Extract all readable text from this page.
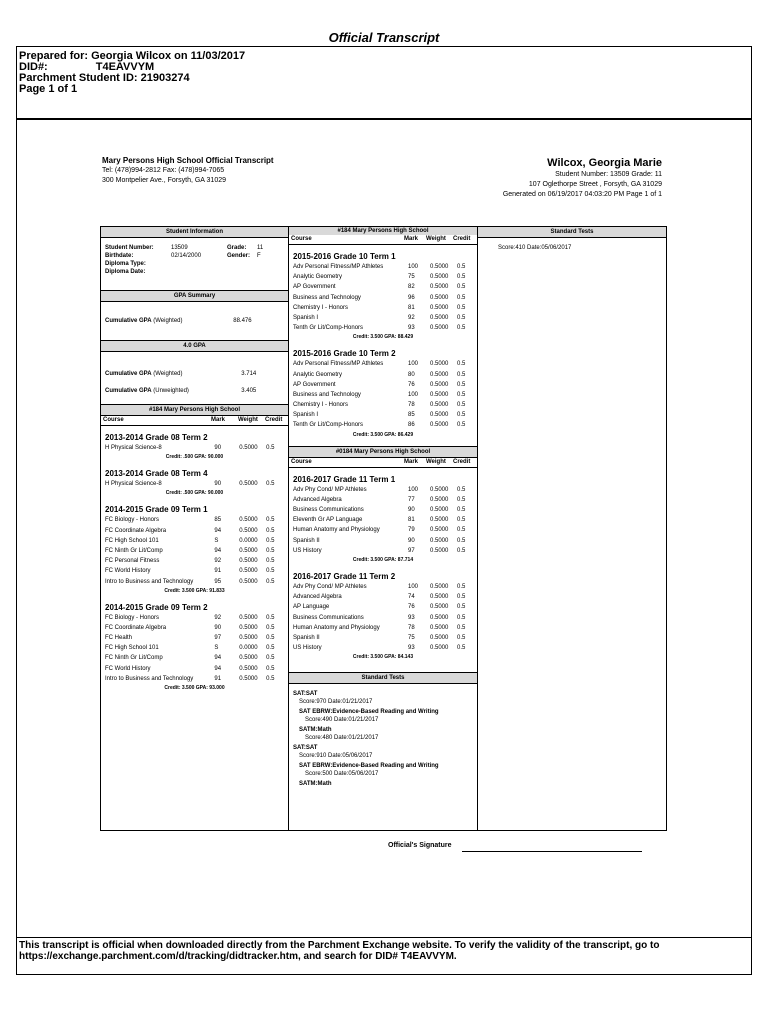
Official Transcript
Prepared for: Georgia Wilcox on 11/03/2017
DID#:	T4EAVVYM
Parchment Student ID: 21903274
Page 1 of 1
Mary Persons High School Official Transcript
Tel: (478)994-2812 Fax: (478)994-7065
300 Montpelier Ave., Forsyth, GA 31029
Wilcox, Georgia Marie
Student Number: 13509 Grade: 11
107 Oglethorpe Street , Forsyth, GA 31029
Generated on 06/19/2017 04:03:20 PM Page 1 of 1
Student Information
Student Number:	13509	Grade:	11
Birthdate:	02/14/2000	Gender:	F
Diploma Type:
Diploma Date:
GPA Summary
Cumulative GPA
(Weighted)	88.476
4.0 GPA
Cumulative GPA
(Weighted)	3.714
Cumulative GPA
(Unweighted)	3.405
#184 Mary Persons High School
Course	Mark	Weight	Credit
2013-2014 Grade 08 Term 2
H Physical Science-8	90	0.5000	0.5
Credit: .500 GPA: 90.000
2013-2014 Grade 08 Term 4
H Physical Science-8	90	0.5000	0.5
Credit: .500 GPA: 90.000
2014-2015 Grade 09 Term 1
FC Biology - Honors	85	0.5000	0.5
FC Coordinate Algebra	94	0.5000	0.5
FC High School 101	S	0.0000	0.5
FC Ninth Gr Lit/Comp	94	0.5000	0.5
FC Personal Fitness	92	0.5000	0.5
FC World History	91	0.5000	0.5
Intro to Business and Technology	95	0.5000	0.5
Credit: 3.500 GPA: 91.833
2014-2015 Grade 09 Term 2
FC Biology - Honors	92	0.5000	0.5
FC Coordinate Algebra	90	0.5000	0.5
FC Health	97	0.5000	0.5
FC High School 101	S	0.0000	0.5
FC Ninth Gr Lit/Comp	94	0.5000	0.5
FC World History	94	0.5000	0.5
Intro to Business and Technology	91	0.5000	0.5
Credit: 3.500 GPA: 93.000
#184 Mary Persons High School
Course	Mark	Weight	Credit
2015-2016 Grade 10 Term 1
Adv Personal Fitness/MP Athletes	100	0.5000	0.5
Analytic Geometry	75	0.5000	0.5
AP Government	82	0.5000	0.5
Business and Technology	96	0.5000	0.5
Chemistry I - Honors	81	0.5000	0.5
Spanish I	92	0.5000	0.5
Tenth Gr Lit/Comp-Honors	93	0.5000	0.5
Credit: 3.500 GPA: 88.429
2015-2016 Grade 10 Term 2
Adv Personal Fitness/MP Athletes	100	0.5000	0.5
Analytic Geometry	80	0.5000	0.5
AP Government	76	0.5000	0.5
Business and Technology	100	0.5000	0.5
Chemistry I - Honors	78	0.5000	0.5
Spanish I	85	0.5000	0.5
Tenth Gr Lit/Comp-Honors	86	0.5000	0.5
Credit: 3.500 GPA: 86.429
#0184 Mary Persons High School
Course	Mark	Weight	Credit
2016-2017 Grade 11 Term 1
Adv Phy Cond/ MP Athletes	100	0.5000	0.5
Advanced Algebra	77	0.5000	0.5
Business Communications	90	0.5000	0.5
Eleventh Gr AP Language	81	0.5000	0.5
Human Anatomy and Physiology	79	0.5000	0.5
Spanish II	90	0.5000	0.5
US History	97	0.5000	0.5
Credit: 3.500 GPA: 87.714
2016-2017 Grade 11 Term 2
Adv Phy Cond/ MP Athletes	100	0.5000	0.5
Advanced Algebra	74	0.5000	0.5
AP Language	76	0.5000	0.5
Business Communications	93	0.5000	0.5
Human Anatomy and Physiology	78	0.5000	0.5
Spanish II	75	0.5000	0.5
US History	93	0.5000	0.5
Credit: 3.500 GPA: 84.143
Standard Tests
SAT:SAT
Score:970 Date:01/21/2017
SAT EBRW:Evidence-Based Reading and Writing
Score:490 Date:01/21/2017
SATM:Math
Score:480 Date:01/21/2017
SAT:SAT
Score:910 Date:05/06/2017
SAT EBRW:Evidence-Based Reading and Writing
Score:500 Date:05/06/2017
SATM:Math
Standard Tests
Score:410 Date:05/06/2017
Official's Signature
This transcript is official when downloaded directly from the Parchment Exchange website. To verify the validity of the transcript, go to https://exchange.parchment.com/d/tracking/didtracker.htm, and search for DID# T4EAVVYM.
